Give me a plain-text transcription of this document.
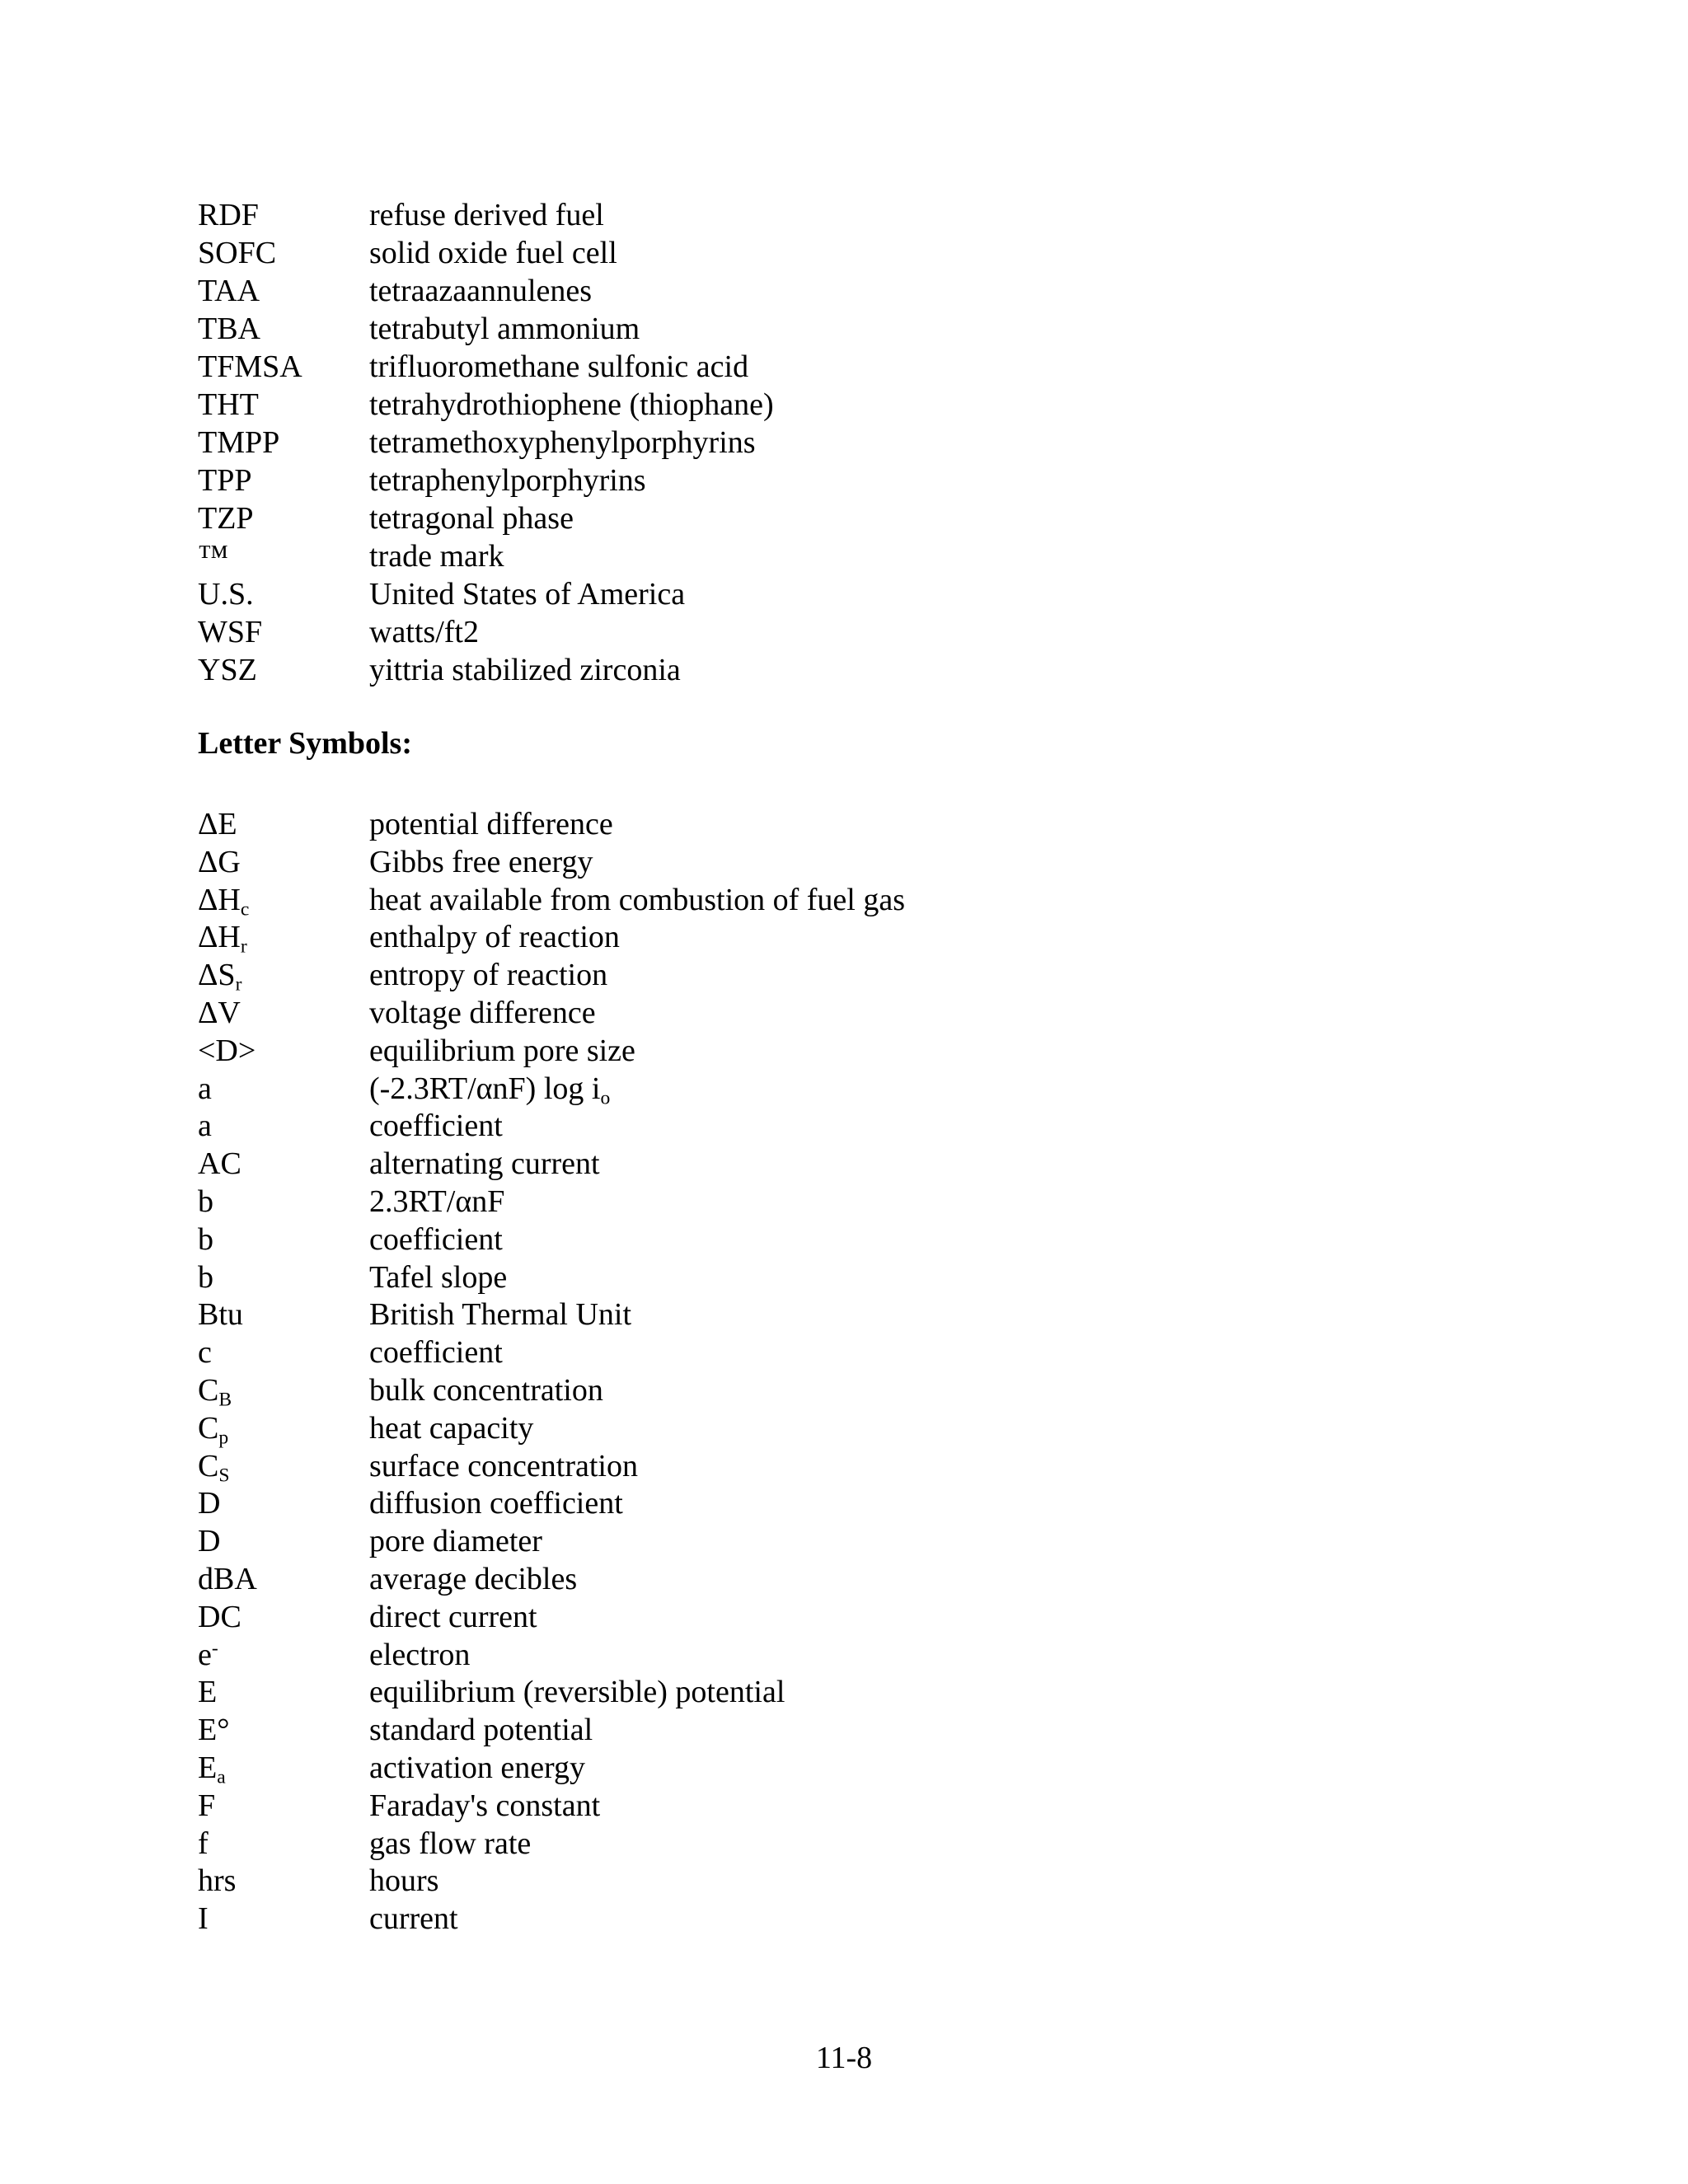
RDF	refuse derived fuel
SOFC	solid oxide fuel cell
TAA	tetraazaannulenes
TBA	tetrabutyl ammonium
TFMSA	trifluoromethane sulfonic acid
THT	tetrahydrothiophene (thiophane)
TMPP	tetramethoxyphenylporphyrins
TPP	tetraphenylporphyrins
TZP	tetragonal phase
™	trade mark
U.S.	United States of America
WSF	watts/ft2
YSZ	yittria stabilized zirconia
Letter Symbols:
ΔE	potential difference
ΔG	Gibbs free energy
$\Delta H_c$	heat available from combustion of fuel gas
$\Delta H_r$	enthalpy of reaction
$\Delta S_r$	entropy of reaction
ΔV	voltage difference
<D>	equilibrium pore size
a	(-2.3RT/αnF) $\log i_o$
a	coefficient
AC	alternating current
b	2.3RT/αnF
b	coefficient
b	Tafel slope
Btu	British Thermal Unit
c	coefficient
$C_B$	bulk concentration
$C_p$	heat capacity
$C_S$	surface concentration
D	diffusion coefficient
D	pore diameter
dBA	average decibles
DC	direct current
e-	electron
E	equilibrium (reversible) potential
E°	standard potential
$E_a$	activation energy
F	Faraday's constant
f	gas flow rate
hrs	hours
I	current
11-8
